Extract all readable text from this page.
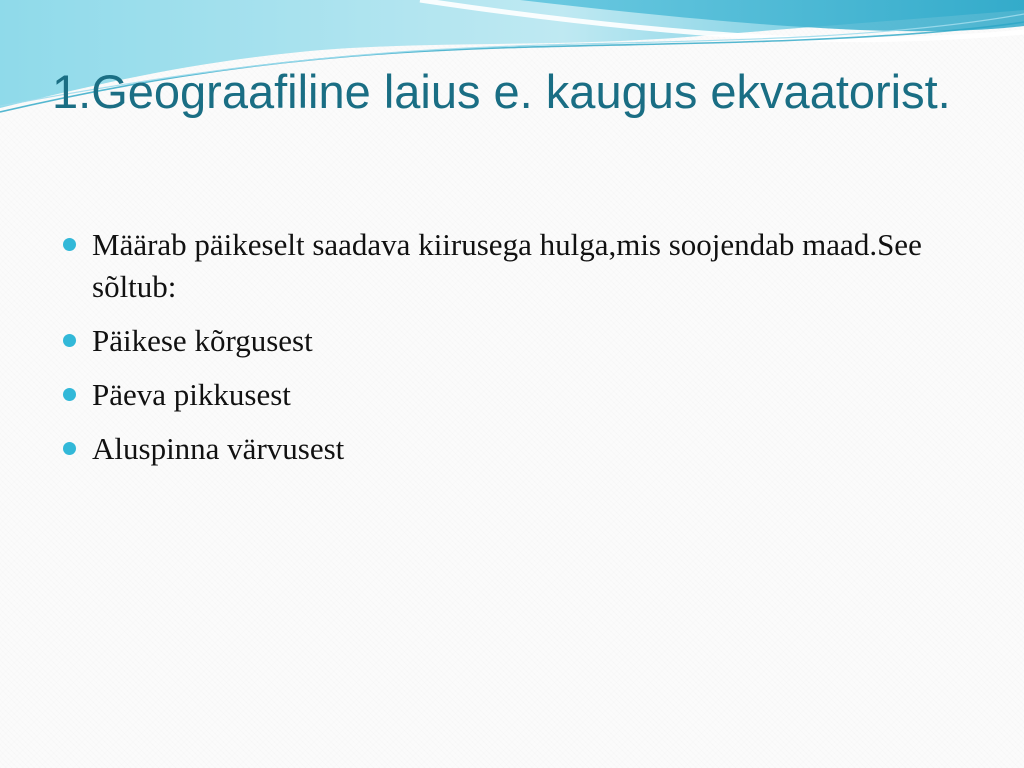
1.Geograafiline laius e. kaugus ekvaatorist.
Määrab päikeselt saadava kiirusega hulga,mis soojendab maad.See sõltub:
Päikese kõrgusest
Päeva pikkusest
Aluspinna värvusest
